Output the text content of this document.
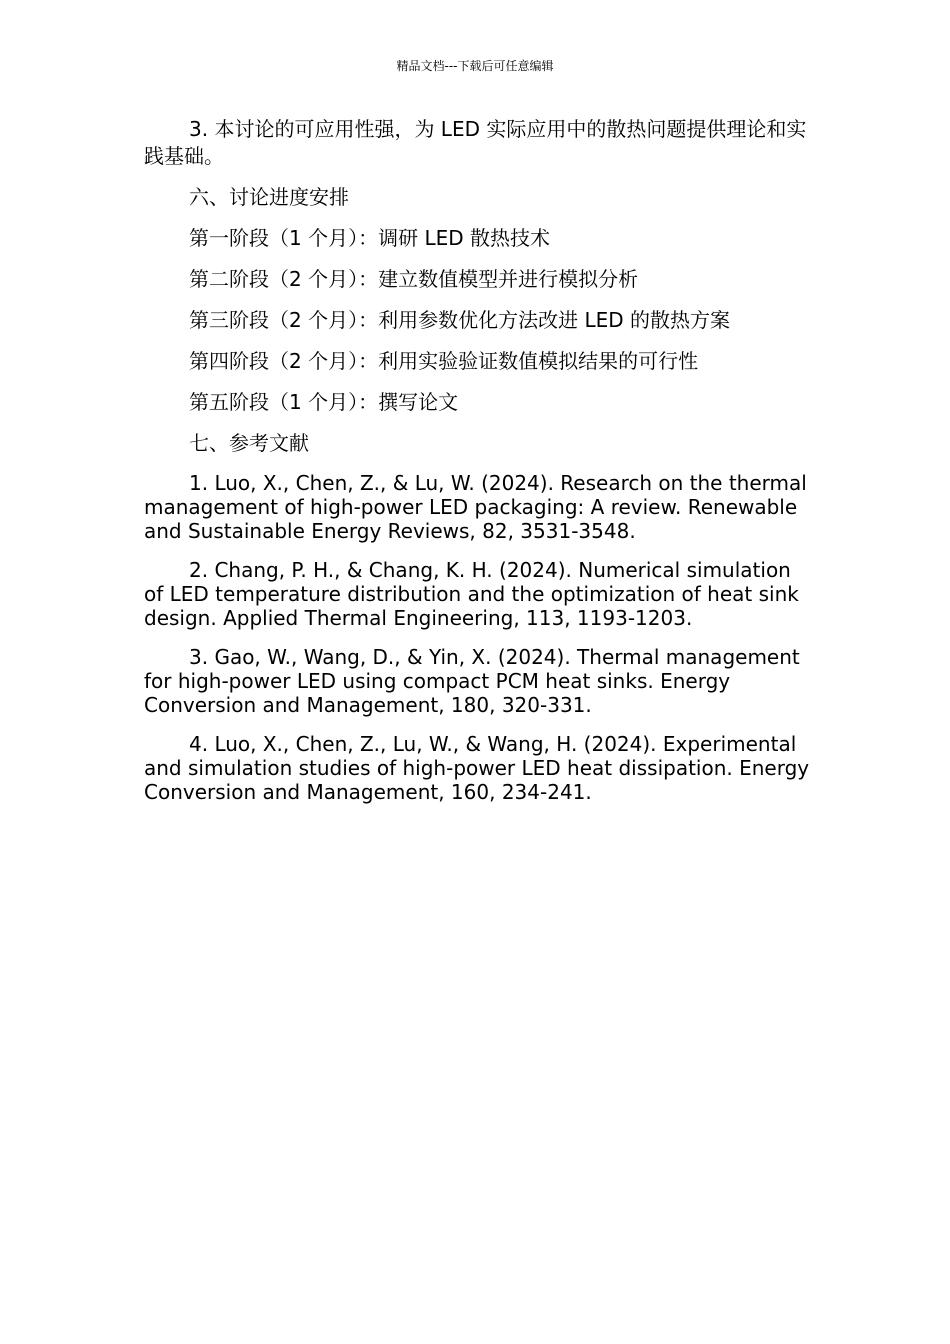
精品文档---下载后可任意编辑

3. 本讨论的可应用性强，为 LED 实际应用中的散热问题提供理论和实践基础。

六、讨论进度安排

第一阶段（1 个月）：调研 LED 散热技术

第二阶段（2 个月）：建立数值模型并进行模拟分析

第三阶段（2 个月）：利用参数优化方法改进 LED 的散热方案

第四阶段（2 个月）：利用实验验证数值模拟结果的可行性

第五阶段（1 个月）：撰写论文

七、参考文献

1. Luo, X., Chen, Z., & Lu, W. (2024). Research on the thermal management of high-power LED packaging: A review. Renewable and Sustainable Energy Reviews, 82, 3531-3548.

2. Chang, P. H., & Chang, K. H. (2024). Numerical simulation of LED temperature distribution and the optimization of heat sink design. Applied Thermal Engineering, 113, 1193-1203.

3. Gao, W., Wang, D., & Yin, X. (2024). Thermal management for high-power LED using compact PCM heat sinks. Energy Conversion and Management, 180, 320-331.

4. Luo, X., Chen, Z., Lu, W., & Wang, H. (2024). Experimental and simulation studies of high-power LED heat dissipation. Energy Conversion and Management, 160, 234-241.
